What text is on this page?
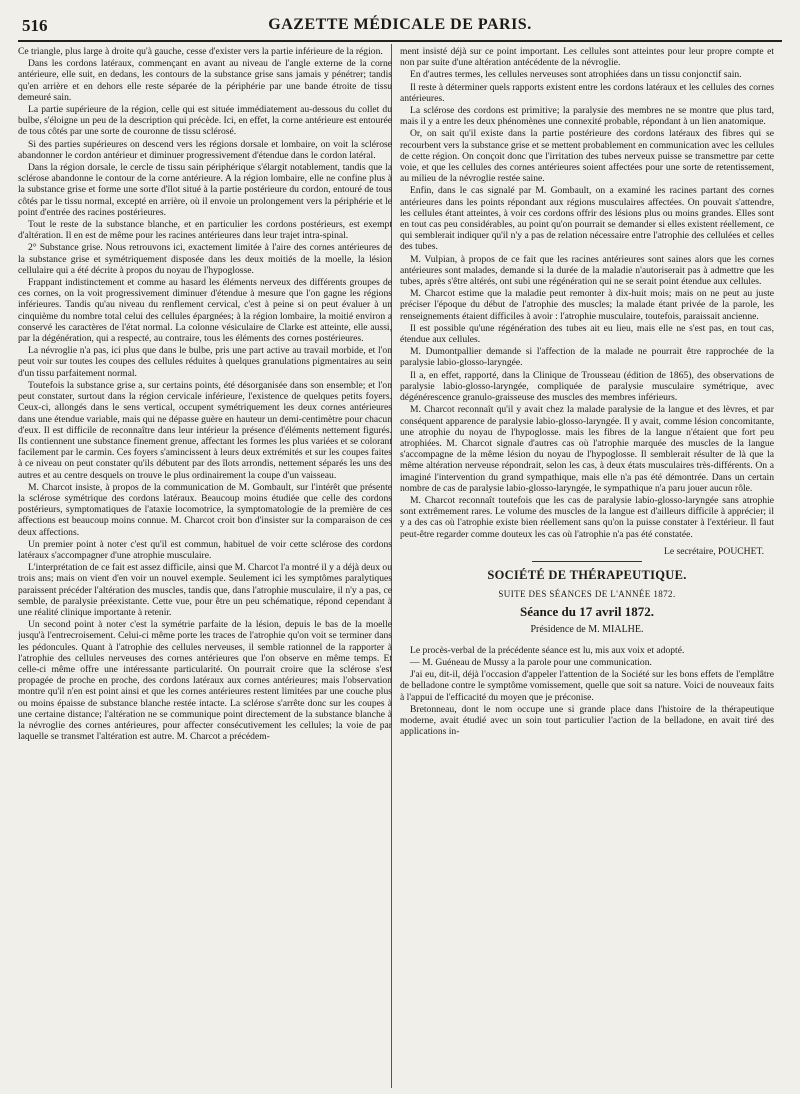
516	GAZETTE MÉDICALE DE PARIS.

Ce triangle, plus large à droite qu'à gauche, cesse d'exister vers la partie inférieure de la région.

Dans les cordons latéraux, commençant en avant au niveau de l'angle externe de la corne antérieure, elle suit, en dedans, les contours de la substance grise sans jamais y pénétrer; tandis qu'en arrière et en dehors elle reste séparée de la périphérie par une bande étroite de tissu demeuré sain.

La partie supérieure de la région, celle qui est située immédiatement au-dessous du collet du bulbe, s'éloigne un peu de la description qui précède. Ici, en effet, la corne antérieure est entourée de tous côtés par une sorte de couronne de tissu sclérosé.

Si des parties supérieures on descend vers les régions dorsale et lombaire, on voit la sclérose abandonner le cordon antérieur et diminuer progressivement d'étendue dans le cordon latéral.

Dans la région dorsale, le cercle de tissu sain périphérique s'élargit notablement, tandis que la sclérose abandonne le contour de la corne antérieure. A la région lombaire, elle ne confine plus à la substance grise et forme une sorte d'îlot situé à la partie postérieure du cordon, entouré de tous côtés par le tissu normal, excepté en arrière, où il envoie un prolongement vers la périphérie et le point d'entrée des racines postérieures.

Tout le reste de la substance blanche, et en particulier les cordons postérieurs, est exempt d'altération. Il en est de même pour les racines antérieures dans leur trajet intra-spinal.

2° Substance grise. Nous retrouvons ici, exactement limitée à l'aire des cornes antérieures de la substance grise et symétriquement disposée dans les deux moitiés de la moelle, la lésion cellulaire qui a été décrite à propos du noyau de l'hypoglosse.

Frappant indistinctement et comme au hasard les éléments nerveux des différents groupes de ces cornes, on la voit progressivement diminuer d'étendue à mesure que l'on gagne les régions inférieures. Tandis qu'au niveau du renflement cervical, c'est à peine si on peut évaluer à un cinquième du nombre total celui des cellules épargnées; à la région lombaire, la moitié environ a conservé les caractères de l'état normal. La colonne vésiculaire de Clarke est atteinte, elle aussi, par la dégénération, qui a respecté, au contraire, tous les éléments des cornes postérieures.

La névroglie n'a pas, ici plus que dans le bulbe, pris une part active au travail morbide, et l'on peut voir sur toutes les coupes des cellules réduites à quelques granulations pigmentaires au sein d'un tissu parfaitement normal.

Toutefois la substance grise a, sur certains points, été désorganisée dans son ensemble; et l'on peut constater, surtout dans la région cervicale inférieure, l'existence de quelques petits foyers. Ceux-ci, allongés dans le sens vertical, occupent symétriquement les deux cornes antérieures dans une étendue variable, mais qui ne dépasse guère en hauteur un demi-centimètre pour chacun d'eux. Il est difficile de reconnaître dans leur intérieur la présence d'éléments nettement figurés. Ils contiennent une substance finement grenue, affectant les formes les plus variées et se colorant facilement par le carmin. Ces foyers s'amincissent à leurs deux extrémités et sur les coupes faites à ce niveau on peut constater qu'ils débutent par des îlots arrondis, nettement séparés les uns des autres et au centre desquels on trouve le plus ordinairement la coupe d'un vaisseau.

M. Charcot insiste, à propos de la communication de M. Gombault, sur l'intérêt que présente la sclérose symétrique des cordons latéraux. Beaucoup moins étudiée que celle des cordons postérieurs, symptomatiques de l'ataxie locomotrice, la symptomatologie de la première de ces affections est beaucoup moins connue. M. Charcot croit bon d'insister sur la comparaison de ces deux affections.

Un premier point à noter c'est qu'il est commun, habituel de voir cette sclérose des cordons latéraux s'accompagner d'une atrophie musculaire.

L'interprétation de ce fait est assez difficile, ainsi que M. Charcot l'a montré il y a déjà deux ou trois ans; mais on vient d'en voir un nouvel exemple. Seulement ici les symptômes paralytiques paraissent précéder l'altération des muscles, tandis que, dans l'atrophie musculaire, il n'y a pas, ce semble, de paralysie préexistante. Cette vue, pour être un peu schématique, répond cependant à une réalité clinique importante à retenir.

Un second point à noter c'est la symétrie parfaite de la lésion, depuis le bas de la moelle jusqu'à l'entrecroisement. Celui-ci même porte les traces de l'atrophie qu'on voit se terminer dans les pédoncules. Quant à l'atrophie des cellules nerveuses, il semble rationnel de la rapporter à l'atrophie des cellules nerveuses des cornes antérieures que l'on observe en même temps. Et celle-ci même offre une intéressante particularité. On pourrait croire que la sclérose s'est propagée de proche en proche, des cordons latéraux aux cornes antérieures; mais l'observation montre qu'il n'en est point ainsi et que les cornes antérieures restent limitées par une couche plus ou moins épaisse de substance blanche restée intacte. La sclérose s'arrête donc sur les coupes à une certaine distance; l'altération ne se communique point directement de la substance blanche à la névroglie des cornes antérieures, pour affecter consécutivement les cellules; la voie de par laquelle se transmet l'altération est autre. M. Charcot a précédem-

ment insisté déjà sur ce point important. Les cellules sont atteintes pour leur propre compte et non par suite d'une altération antécédente de la névroglie.

En d'autres termes, les cellules nerveuses sont atrophiées dans un tissu conjonctif sain.

Il reste à déterminer quels rapports existent entre les cordons latéraux et les cellules des cornes antérieures.

La sclérose des cordons est primitive; la paralysie des membres ne se montre que plus tard, mais il y a entre les deux phénomènes une connexité probable, répondant à un lien anatomique.

Or, on sait qu'il existe dans la partie postérieure des cordons latéraux des fibres qui se recourbent vers la substance grise et se mettent probablement en communication avec les cellules de cette région. On conçoit donc que l'irritation des tubes nerveux puisse se transmettre par cette voie, et que les cellules des cornes antérieures soient affectées pour une sorte de retentissement, au milieu de la névroglie restée saine.

Enfin, dans le cas signalé par M. Gombault, on a examiné les racines partant des cornes antérieures dans les points répondant aux régions musculaires affectées. On pouvait s'attendre, les cellules étant atteintes, à voir ces cordons offrir des lésions plus ou moins grandes. Elles sont en tout cas peu considérables, au point qu'on pourrait se demander si elles existent réellement, ce qui semblerait indiquer qu'il n'y a pas de relation nécessaire entre l'atrophie des cellulées et celles des tubes.

M. Vulpian, à propos de ce fait que les racines antérieures sont saines alors que les cornes antérieures sont malades, demande si la durée de la maladie n'autoriserait pas à admettre que les tubes, après s'être altérés, ont subi une régénération qui ne se serait point étendue aux cellules.

M. Charcot estime que la maladie peut remonter à dix-huit mois; mais on ne peut au juste préciser l'époque du début de l'atrophie des muscles; la malade étant privée de la parole, les renseignements étaient difficiles à avoir : l'atrophie musculaire, toutefois, paraissait ancienne.

Il est possible qu'une régénération des tubes ait eu lieu, mais elle ne s'est pas, en tout cas, étendue aux cellules.

M. Dumontpallier demande si l'affection de la malade ne pourrait être rapprochée de la paralysie labio-glosso-laryngée.

Il a, en effet, rapporté, dans la Clinique de Trousseau (édition de 1865), des observations de paralysie labio-glosso-laryngée, compliquée de paralysie musculaire symétrique, avec dégénérescence granulo-graisseuse des muscles des membres inférieurs.

M. Charcot reconnaît qu'il y avait chez la malade paralysie de la langue et des lèvres, et par conséquent apparence de paralysie labio-glosso-laryngée. Il y avait, comme lésion concomitante, une atrophie du noyau de l'hypoglosse. mais les fibres de la langue n'étaient que fort peu atrophiées. M. Charcot signale d'autres cas où l'atrophie marquée des muscles de la langue s'accompagne de la même lésion du noyau de l'hypoglosse. Il semblerait résulter de là que la même altération nerveuse répondrait, selon les cas, à deux états musculaires très-différents. On a imaginé l'intervention du grand sympathique, mais elle n'a pas été démontrée. Dans un certain nombre de cas de paralysie labio-glosso-laryngée, le sympathique n'a paru jouer aucun rôle.

M. Charcot reconnaît toutefois que les cas de paralysie labio-glosso-laryngée sans atrophie sont extrêmement rares. Le volume des muscles de la langue est d'ailleurs difficile à apprécier; il y a des cas où l'atrophie existe bien réellement sans qu'on la puisse constater à l'extérieur. Il faut peut-être regarder comme douteux les cas où l'atrophie n'a pas été constatée.

Le secrétaire, POUCHET.

SOCIÉTÉ DE THÉRAPEUTIQUE.
SUITE DES SÉANCES DE L'ANNÉE 1872.
Séance du 17 avril 1872.
Présidence de M. MIALHE.

Le procès-verbal de la précédente séance est lu, mis aux voix et adopté.

— M. Guéneau de Mussy a la parole pour une communication.

J'ai eu, dit-il, déjà l'occasion d'appeler l'attention de la Société sur les bons effets de l'emplâtre de belladone contre le symptôme vomissement, quelle que soit sa nature. Voici de nouveaux faits à l'appui de l'efficacité du moyen que je préconise.

Bretonneau, dont le nom occupe une si grande place dans l'histoire de la thérapeutique moderne, avait étudié avec un soin tout particulier l'action de la belladone, en avait tiré des applications in-
